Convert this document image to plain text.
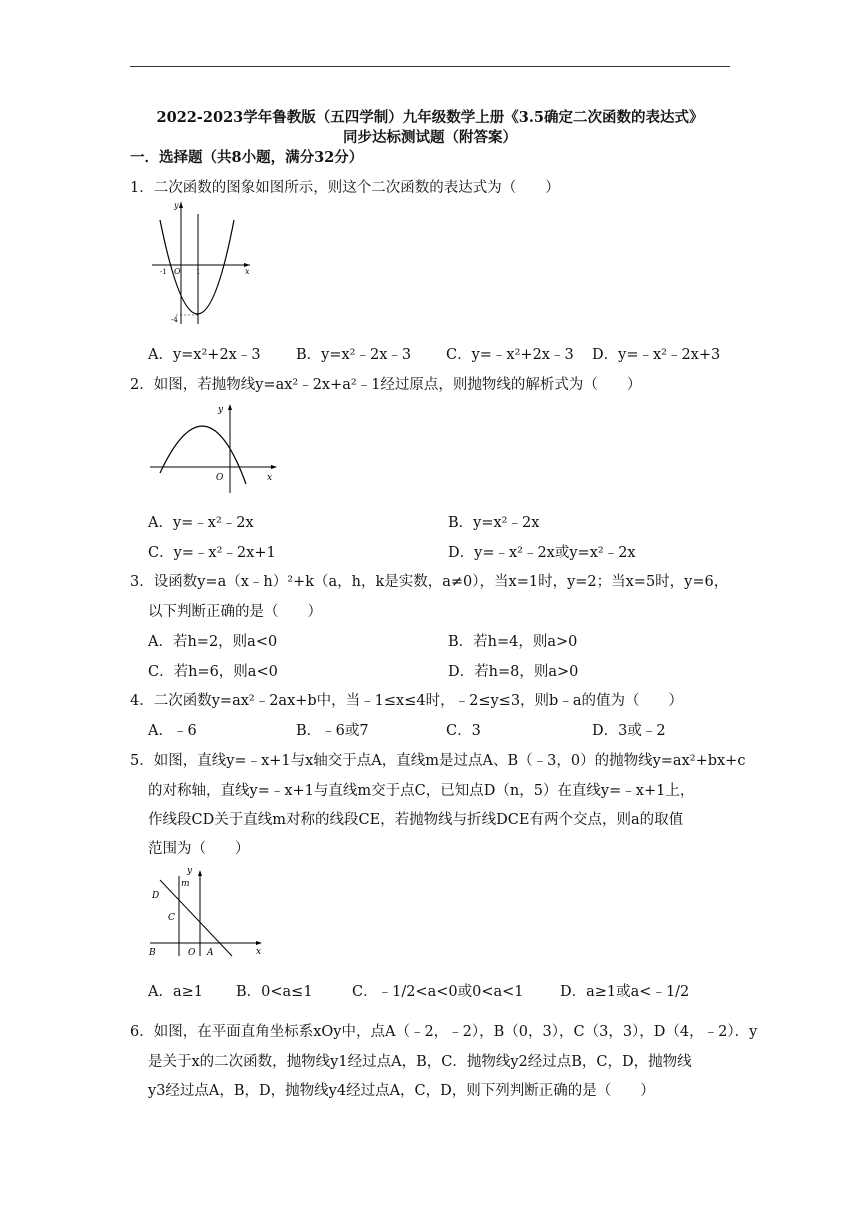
2022-2023学年鲁教版（五四学制）九年级数学上册《3.5确定二次函数的表达式》
同步达标测试题（附答案）
一．选择题（共8小题，满分32分）
1．二次函数的图象如图所示，则这个二次函数的表达式为（　　）
y
x
O
-1	1
-4
A．y=x²+2x﹣3 B．y=x²﹣2x﹣3 C．y=﹣x²+2x﹣3 D．y=﹣x²﹣2x+3
2．如图，若抛物线y=ax²﹣2x+a²﹣1经过原点，则抛物线的解析式为（　　）
y
x
O
A．y=﹣x²﹣2x	B．y=x²﹣2x
C．y=﹣x²﹣2x+1	D．y=﹣x²﹣2x或y=x²﹣2x
3．设函数y=a（x﹣h）²+k（a，h，k是实数，a≠0），当x=1时，y=2；当x=5时，y=6，
以下判断正确的是（　　）
A．若h=2，则a<0	B．若h=4，则a>0
C．若h=6，则a<0	D．若h=8，则a>0
4．二次函数y=ax²﹣2ax+b中，当﹣1≤x≤4时，﹣2≤y≤3，则b﹣a的值为（　　）
A．﹣6	B．﹣6或7	C．3	D．3或﹣2
5．如图，直线y=﹣x+1与x轴交于点A，直线m是过点A、B（﹣3，0）的抛物线y=ax²+bx+c
的对称轴，直线y=﹣x+1与直线m交于点C，已知点D（n，5）在直线y=﹣x+1上，
作线段CD关于直线m对称的线段CE，若抛物线与折线DCE有两个交点，则a的取值
范围为（　　）
y
x
m
D
C
B	O A
A．a≥1 B．0<a≤1	C．﹣1/2<a<0或0<a<1	D．a≥1或a<﹣1/2
6．如图，在平面直角坐标系xOy中，点A（﹣2，﹣2），B（0，3），C（3，3），D（4，﹣2）．y
是关于x的二次函数，抛物线y1经过点A，B，C．抛物线y2经过点B，C，D，抛物线
y3经过点A，B，D，抛物线y4经过点A，C，D，则下列判断正确的是（　　）
